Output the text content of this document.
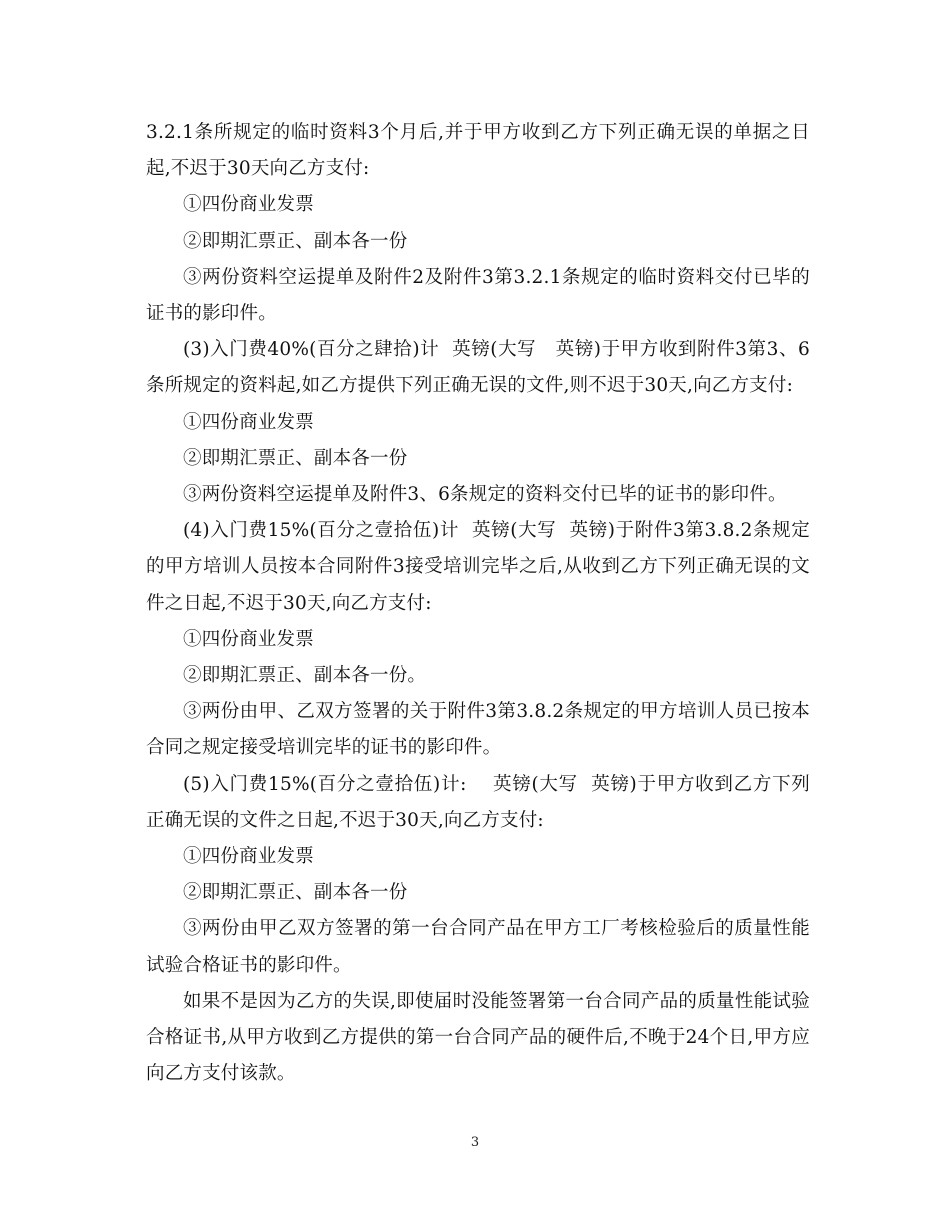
3.2.1条所规定的临时资料3个月后,并于甲方收到乙方下列正确无误的单据之日起,不迟于30天向乙方支付:

①四份商业发票

②即期汇票正、副本各一份

③两份资料空运提单及附件2及附件3第3.2.1条规定的临时资料交付已毕的证书的影印件。

(3)入门费40%(百分之肆拾)计  英镑(大写   英镑)于甲方收到附件3第3、6条所规定的资料起,如乙方提供下列正确无误的文件,则不迟于30天,向乙方支付:

①四份商业发票

②即期汇票正、副本各一份

③两份资料空运提单及附件3、6条规定的资料交付已毕的证书的影印件。

(4)入门费15%(百分之壹拾伍)计  英镑(大写  英镑)于附件3第3.8.2条规定的甲方培训人员按本合同附件3接受培训完毕之后,从收到乙方下列正确无误的文件之日起,不迟于30天,向乙方支付:

①四份商业发票

②即期汇票正、副本各一份。

③两份由甲、乙双方签署的关于附件3第3.8.2条规定的甲方培训人员已按本合同之规定接受培训完毕的证书的影印件。

(5)入门费15%(百分之壹拾伍)计:    英镑(大写  英镑)于甲方收到乙方下列正确无误的文件之日起,不迟于30天,向乙方支付:

①四份商业发票

②即期汇票正、副本各一份

③两份由甲乙双方签署的第一台合同产品在甲方工厂考核检验后的质量性能试验合格证书的影印件。

如果不是因为乙方的失误,即使届时没能签署第一台合同产品的质量性能试验合格证书,从甲方收到乙方提供的第一台合同产品的硬件后,不晚于24个日,甲方应向乙方支付该款。

3
